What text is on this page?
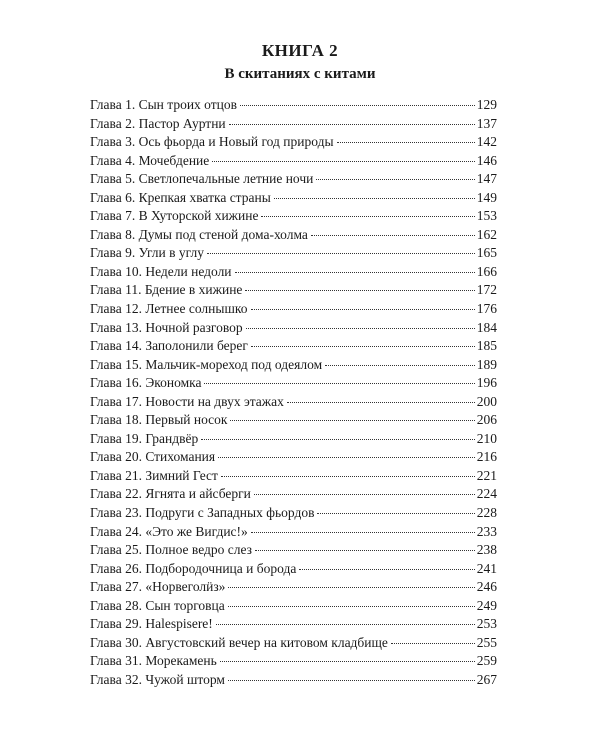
КНИГА 2
В скитаниях с китами
Глава 1. Сын троих отцов	129
Глава 2. Пастор Ауртни	137
Глава 3. Ось фьорда и Новый год природы	142
Глава 4. Мочебдение	146
Глава 5. Светлопечальные летние ночи	147
Глава 6. Крепкая хватка страны	149
Глава 7. В Хуторской хижине	153
Глава 8. Думы под стеной дома-холма	162
Глава 9. Угли в углу	165
Глава 10. Недели недоли	166
Глава 11. Бдение в хижине	172
Глава 12. Летнее солнышко	176
Глава 13. Ночной разговор	184
Глава 14. Заполонили берег	185
Глава 15. Мальчик-мореход под одеялом	189
Глава 16. Экономка	196
Глава 17. Новости на двух этажах	200
Глава 18. Первый носок	206
Глава 19. Грандвёр	210
Глава 20. Стихомания	216
Глава 21. Зимний Гест	221
Глава 22. Ягнята и айсберги	224
Глава 23. Подруги с Западных фьордов	228
Глава 24. «Это же Вигдис!»	233
Глава 25. Полное ведро слез	238
Глава 26. Подбородочница и борода	241
Глава 27. «Норвеголӥз»	246
Глава 28. Сын торговца	249
Глава 29. Halespisere!	253
Глава 30. Августовский вечер на китовом кладбище	255
Глава 31. Морекамень	259
Глава 32. Чужой шторм	267
